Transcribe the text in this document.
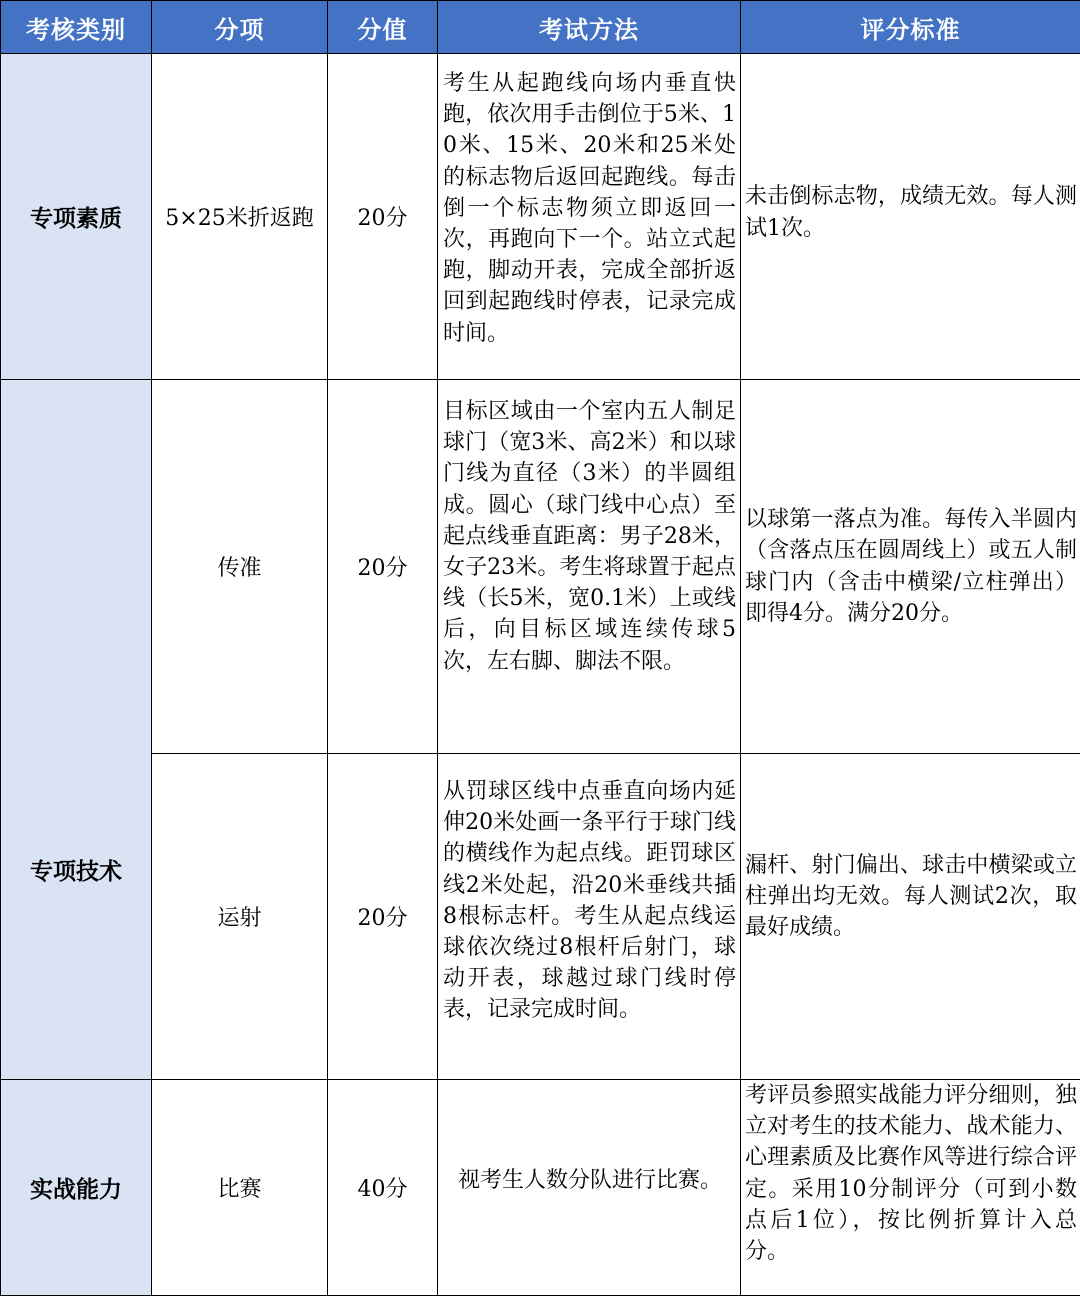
考核类别	分项	分值	考试方法	评分标准
专项素质	5×25米折返跑	20分	考生从起跑线向场内垂直快跑，依次用手击倒位于5米、10米、15米、20米和25米处的标志物后返回起跑线。每击倒一个标志物须立即返回一次，再跑向下一个。站立式起跑，脚动开表，完成全部折返回到起跑线时停表，记录完成时间。	未击倒标志物，成绩无效。每人测试1次。
专项技术	传准	20分	目标区域由一个室内五人制足球门（宽3米、高2米）和以球门线为直径（3米）的半圆组成。圆心（球门线中心点）至起点线垂直距离：男子28米，女子23米。考生将球置于起点线（长5米，宽0.1米）上或线后，向目标区域连续传球5次，左右脚、脚法不限。	以球第一落点为准。每传入半圆内（含落点压在圆周线上）或五人制球门内（含击中横梁/立柱弹出）即得4分。满分20分。
	运射	20分	从罚球区线中点垂直向场内延伸20米处画一条平行于球门线的横线作为起点线。距罚球区线2米处起，沿20米垂线共插8根标志杆。考生从起点线运球依次绕过8根杆后射门，球动开表，球越过球门线时停表，记录完成时间。	漏杆、射门偏出、球击中横梁或立柱弹出均无效。每人测试2次，取最好成绩。
实战能力	比赛	40分	视考生人数分队进行比赛。	考评员参照实战能力评分细则，独立对考生的技术能力、战术能力、心理素质及比赛作风等进行综合评定。采用10分制评分（可到小数点后1位），按比例折算计入总分。
